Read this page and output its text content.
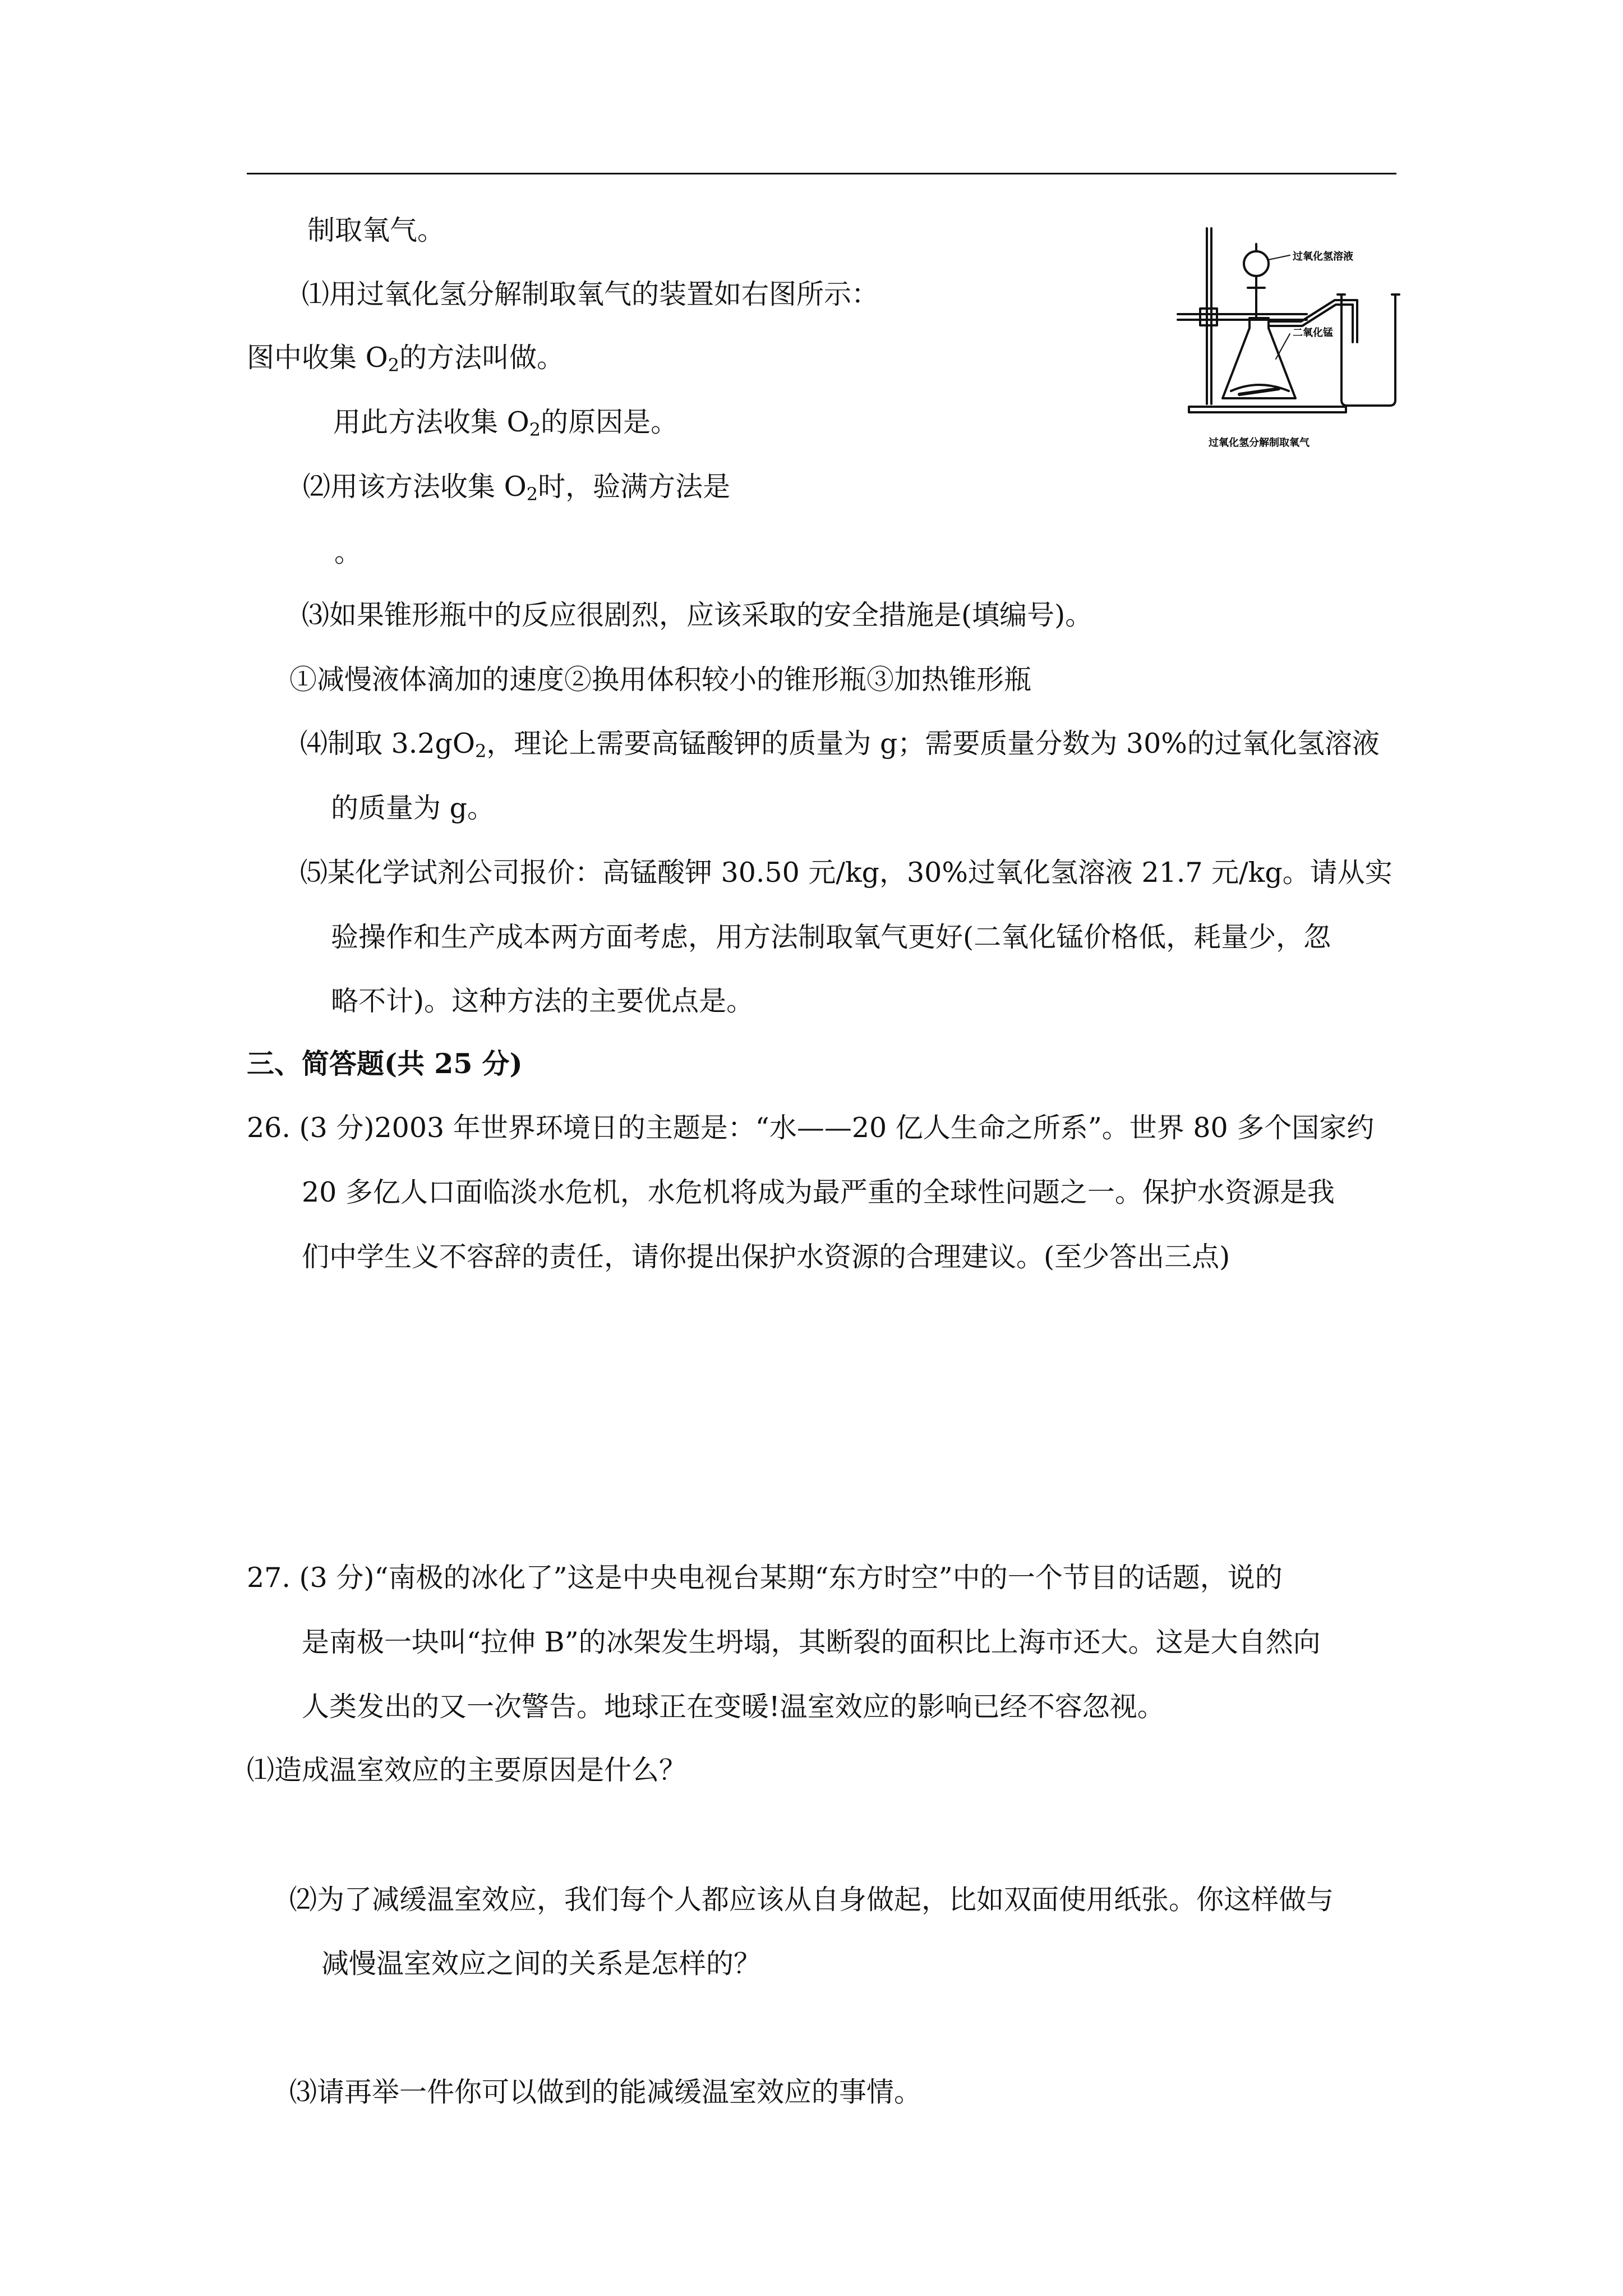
制取氧气。
⑴用过氧化氢分解制取氧气的装置如右图所示：
图中收集 $O_2$的方法叫做。
用此方法收集 $O_2$的原因是。
⑵用该方法收集 $O_2$时，验满方法是
。
⑶如果锥形瓶中的反应很剧烈，应该采取的安全措施是(填编号)。
①减慢液体滴加的速度②换用体积较小的锥形瓶③加热锥形瓶
⑷制取 $3.2gO_2$，理论上需要高锰酸钾的质量为 g；需要质量分数为 30%的过氧化氢溶液
的质量为 g。
⑸某化学试剂公司报价：高锰酸钾 30.50 元/kg，30%过氧化氢溶液 21.7 元/kg。请从实
验操作和生产成本两方面考虑，用方法制取氧气更好(二氧化锰价格低，耗量少，忽
略不计)。这种方法的主要优点是。
三、简答题(共 25 分)
26. (3 分)2003 年世界环境日的主题是：“水——20 亿人生命之所系”。世界 80 多个国家约
20 多亿人口面临淡水危机，水危机将成为最严重的全球性问题之一。保护水资源是我
们中学生义不容辞的责任，请你提出保护水资源的合理建议。(至少答出三点)
27. (3 分)“南极的冰化了”这是中央电视台某期“东方时空”中的一个节目的话题，说的
是南极一块叫“拉伸 B”的冰架发生坍塌，其断裂的面积比上海市还大。这是大自然向
人类发出的又一次警告。地球正在变暖!温室效应的影响已经不容忽视。
⑴造成温室效应的主要原因是什么？
⑵为了减缓温室效应，我们每个人都应该从自身做起，比如双面使用纸张。你这样做与
减慢温室效应之间的关系是怎样的？
⑶请再举一件你可以做到的能减缓温室效应的事情。
过氧化氢溶液
二氧化锰
过氧化氢分解制取氧气
